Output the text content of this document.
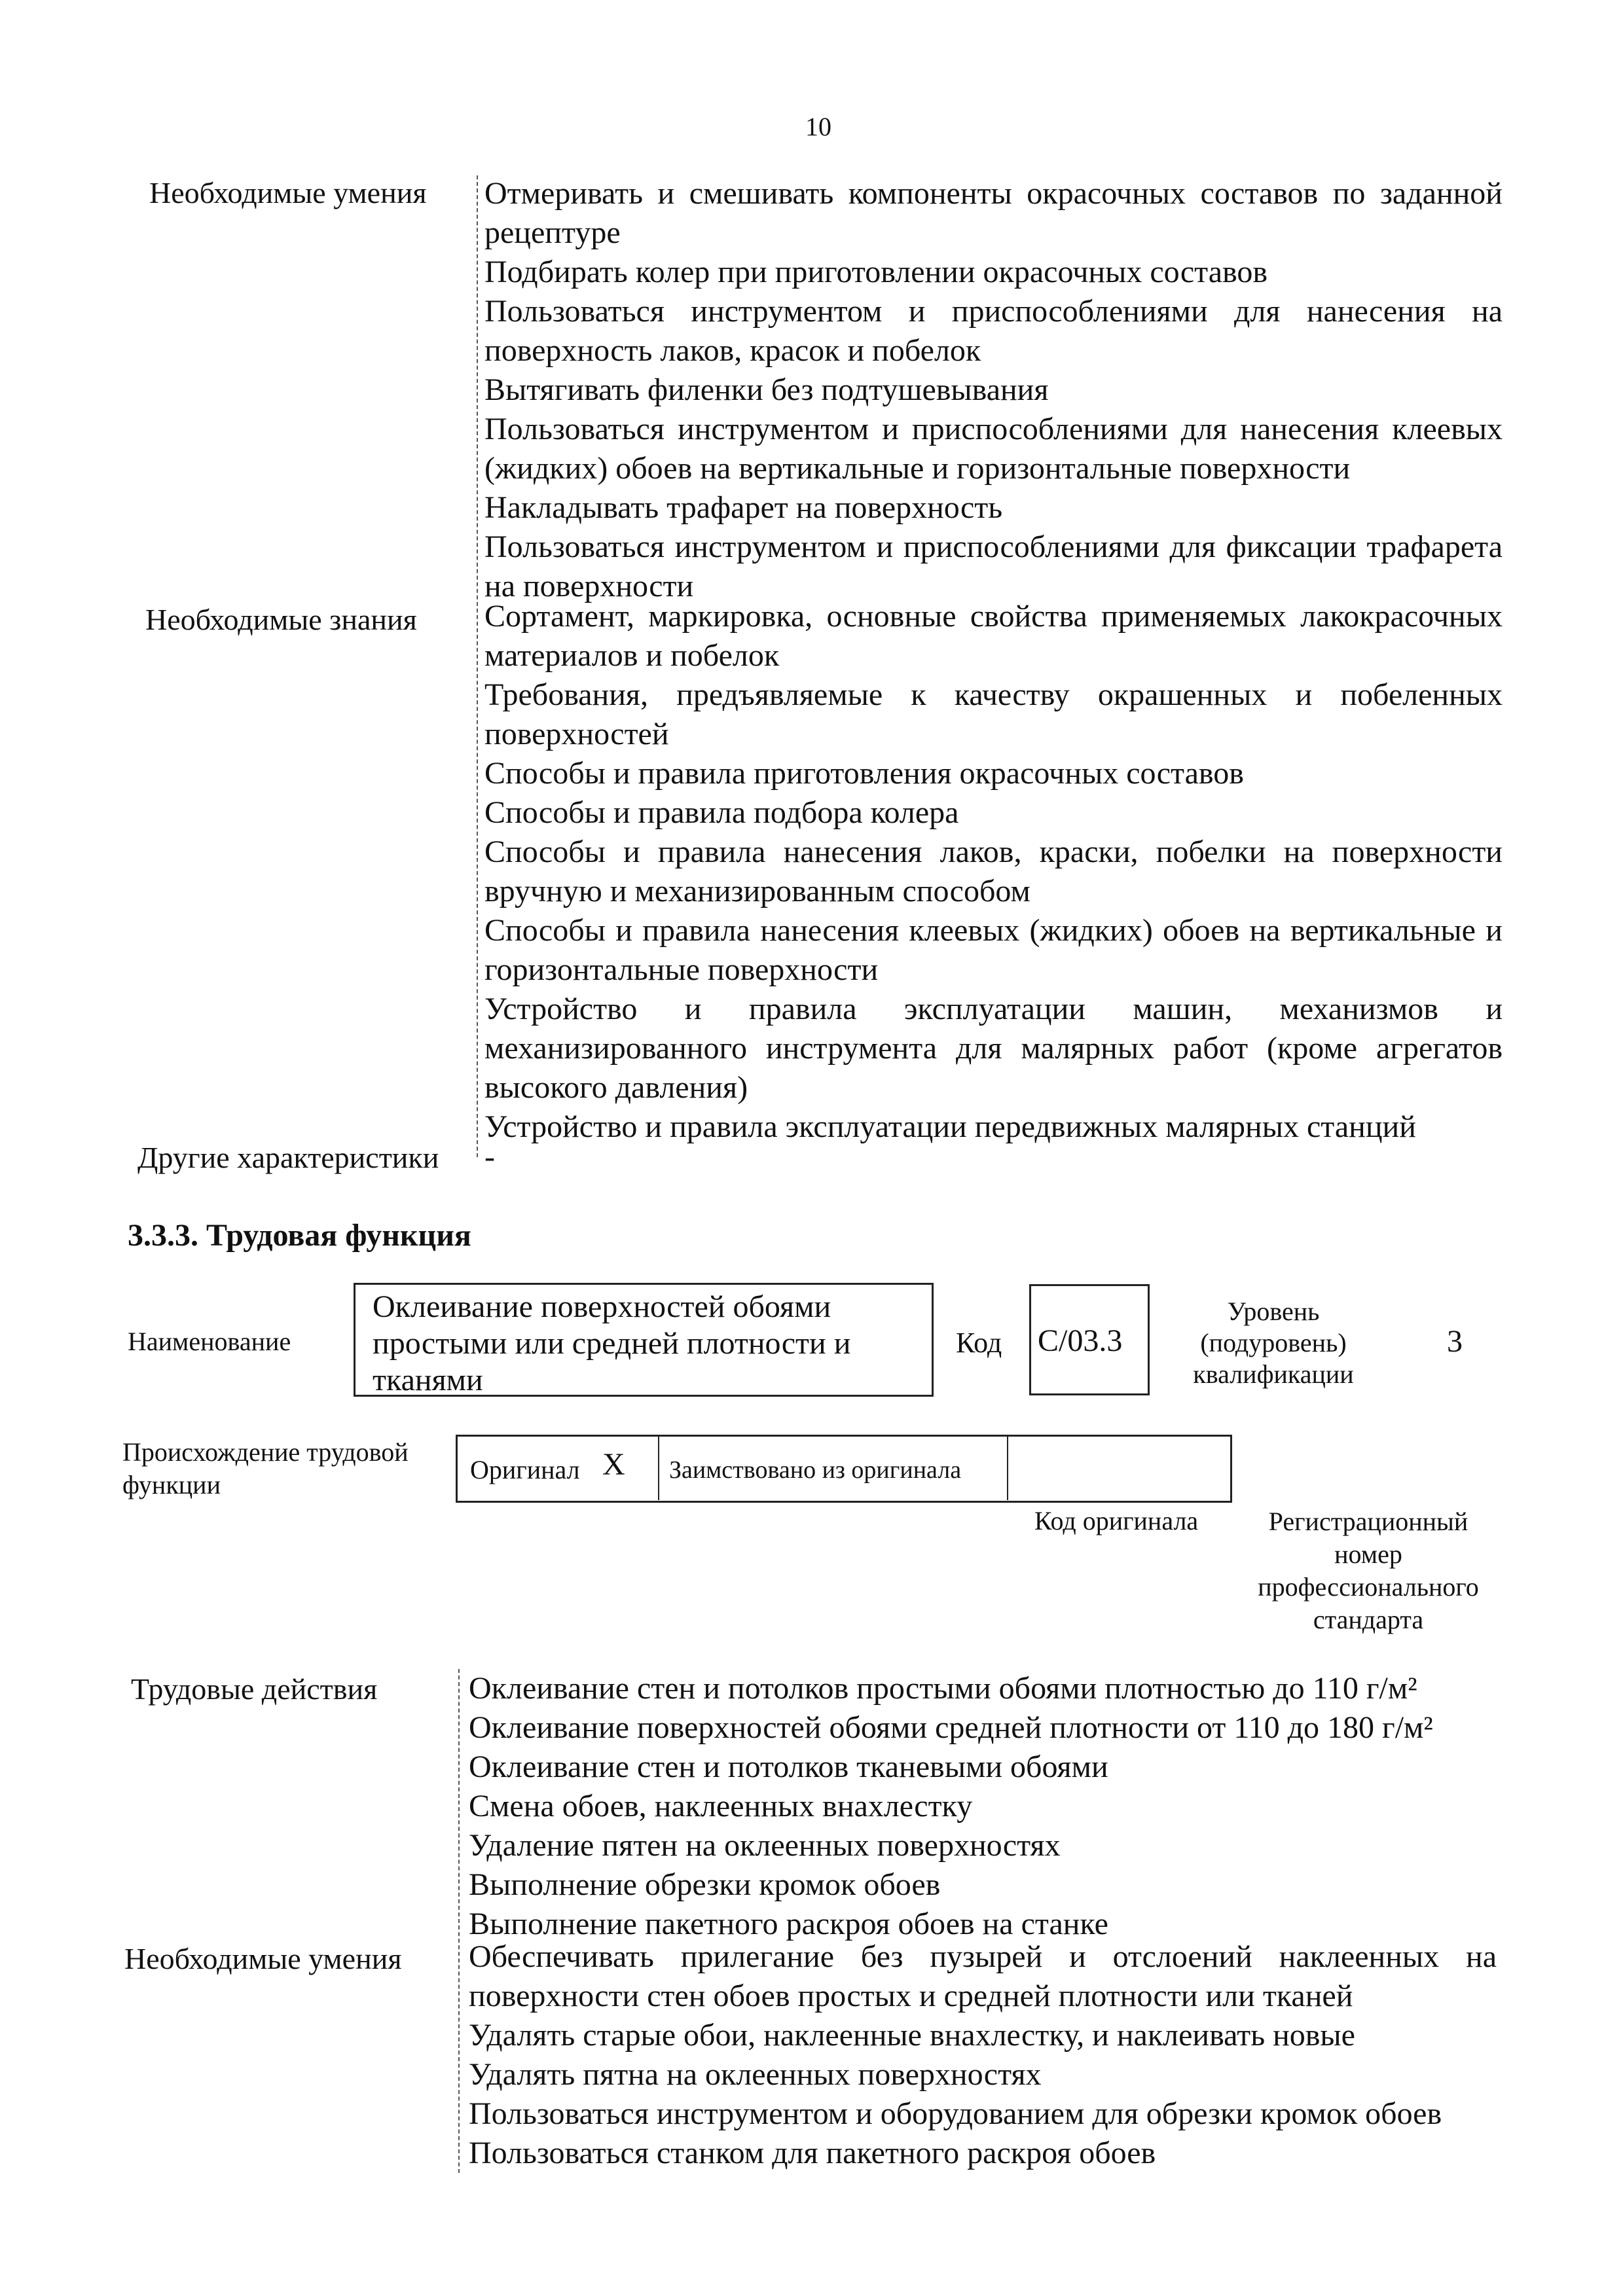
10
Необходимые умения
Необходимые знания
Другие характеристики
Отмеривать и смешивать компоненты окрасочных составов по заданной рецептуре
Подбирать колер при приготовлении окрасочных составов
Пользоваться инструментом и приспособлениями для нанесения на поверхность лаков, красок и побелок
Вытягивать филенки без подтушевывания
Пользоваться инструментом и приспособлениями для нанесения клеевых (жидких) обоев на вертикальные и горизонтальные поверхности
Накладывать трафарет на поверхность
Пользоваться инструментом и приспособлениями для фиксации трафарета на поверхности
Сортамент, маркировка, основные свойства применяемых лакокрасочных материалов и побелок
Требования, предъявляемые к качеству окрашенных и побеленных поверхностей
Способы и правила приготовления окрасочных составов
Способы и правила подбора колера
Способы и правила нанесения лаков, краски, побелки на поверхности вручную и механизированным способом
Способы и правила нанесения клеевых (жидких) обоев на вертикальные и горизонтальные поверхности
Устройство и правила эксплуатации машин, механизмов и механизированного инструмента для малярных работ (кроме агрегатов высокого давления)
Устройство и правила эксплуатации передвижных малярных станций
-
3.3.3. Трудовая функция
Наименование
Оклеивание поверхностей обоями простыми или средней плотности и тканями
Код С/03.3
Уровень (подуровень) квалификации
3
Происхождение трудовой функции
Оригинал X Заимствовано из оригинала
Код оригинала	Регистрационный номер профессионального стандарта
Трудовые действия
Необходимые умения
Оклеивание стен и потолков простыми обоями плотностью до 110 г/м²
Оклеивание поверхностей обоями средней плотности от 110 до 180 г/м²
Оклеивание стен и потолков тканевыми обоями
Смена обоев, наклеенных внахлестку
Удаление пятен на оклеенных поверхностях
Выполнение обрезки кромок обоев
Выполнение пакетного раскроя обоев на станке
Обеспечивать прилегание без пузырей и отслоений наклеенных на поверхности стен обоев простых и средней плотности или тканей
Удалять старые обои, наклеенные внахлестку, и наклеивать новые
Удалять пятна на оклеенных поверхностях
Пользоваться инструментом и оборудованием для обрезки кромок обоев
Пользоваться станком для пакетного раскроя обоев
